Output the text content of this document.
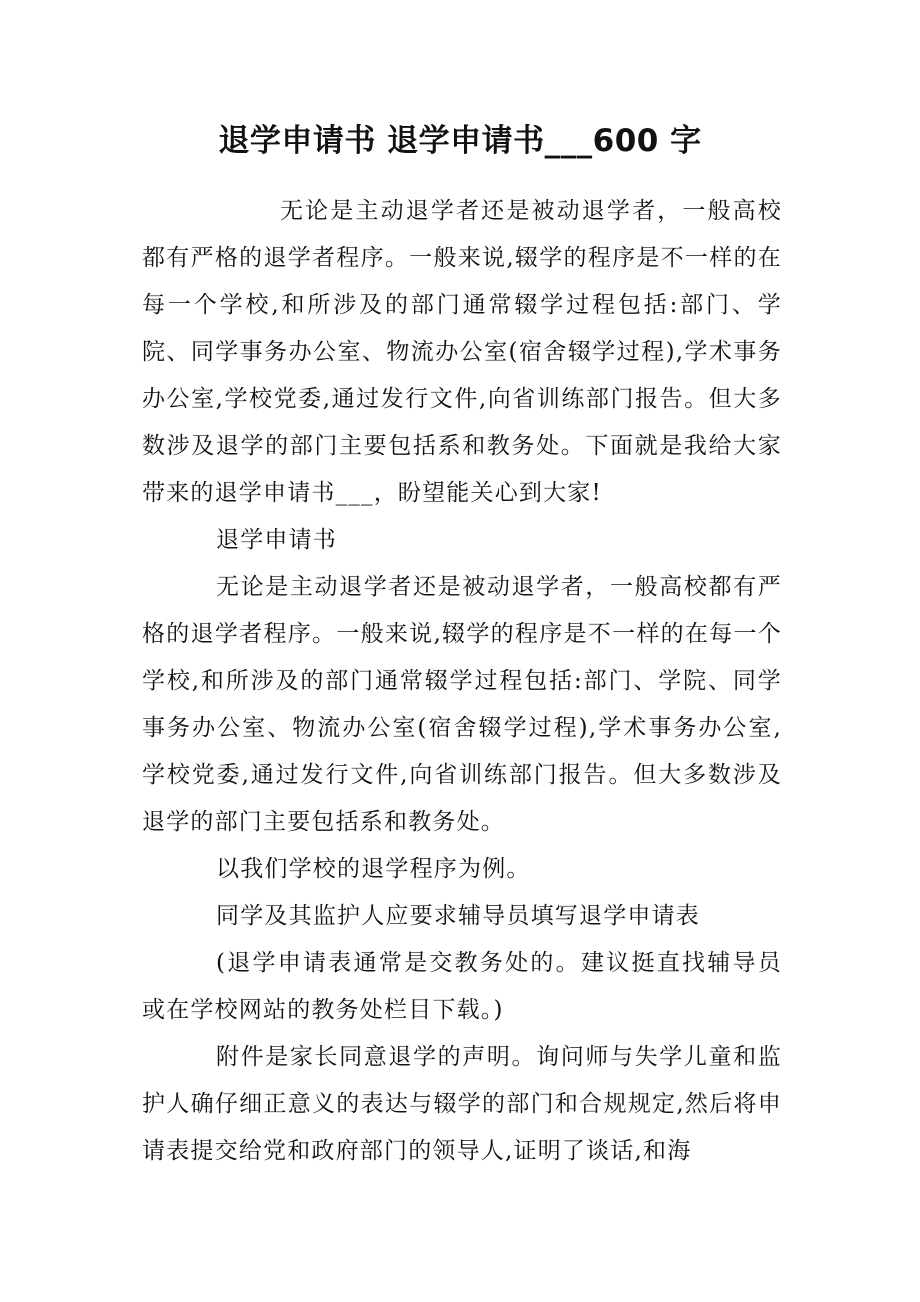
退学申请书 退学申请书___600 字

无论是主动退学者还是被动退学者，一般高校都有严格的退学者程序。一般来说,辍学的程序是不一样的在每一个学校,和所涉及的部门通常辍学过程包括:部门、学院、同学事务办公室、物流办公室(宿舍辍学过程),学术事务办公室,学校党委,通过发行文件,向省训练部门报告。但大多数涉及退学的部门主要包括系和教务处。下面就是我给大家带来的退学申请书___，盼望能关心到大家!

退学申请书

无论是主动退学者还是被动退学者，一般高校都有严格的退学者程序。一般来说,辍学的程序是不一样的在每一个学校,和所涉及的部门通常辍学过程包括:部门、学院、同学事务办公室、物流办公室(宿舍辍学过程),学术事务办公室,学校党委,通过发行文件,向省训练部门报告。但大多数涉及退学的部门主要包括系和教务处。

以我们学校的退学程序为例。

同学及其监护人应要求辅导员填写退学申请表

(退学申请表通常是交教务处的。建议挺直找辅导员或在学校网站的教务处栏目下载。)

附件是家长同意退学的声明。询问师与失学儿童和监护人确仔细正意义的表达与辍学的部门和合规规定,然后将申请表提交给党和政府部门的领导人,证明了谈话,和海
